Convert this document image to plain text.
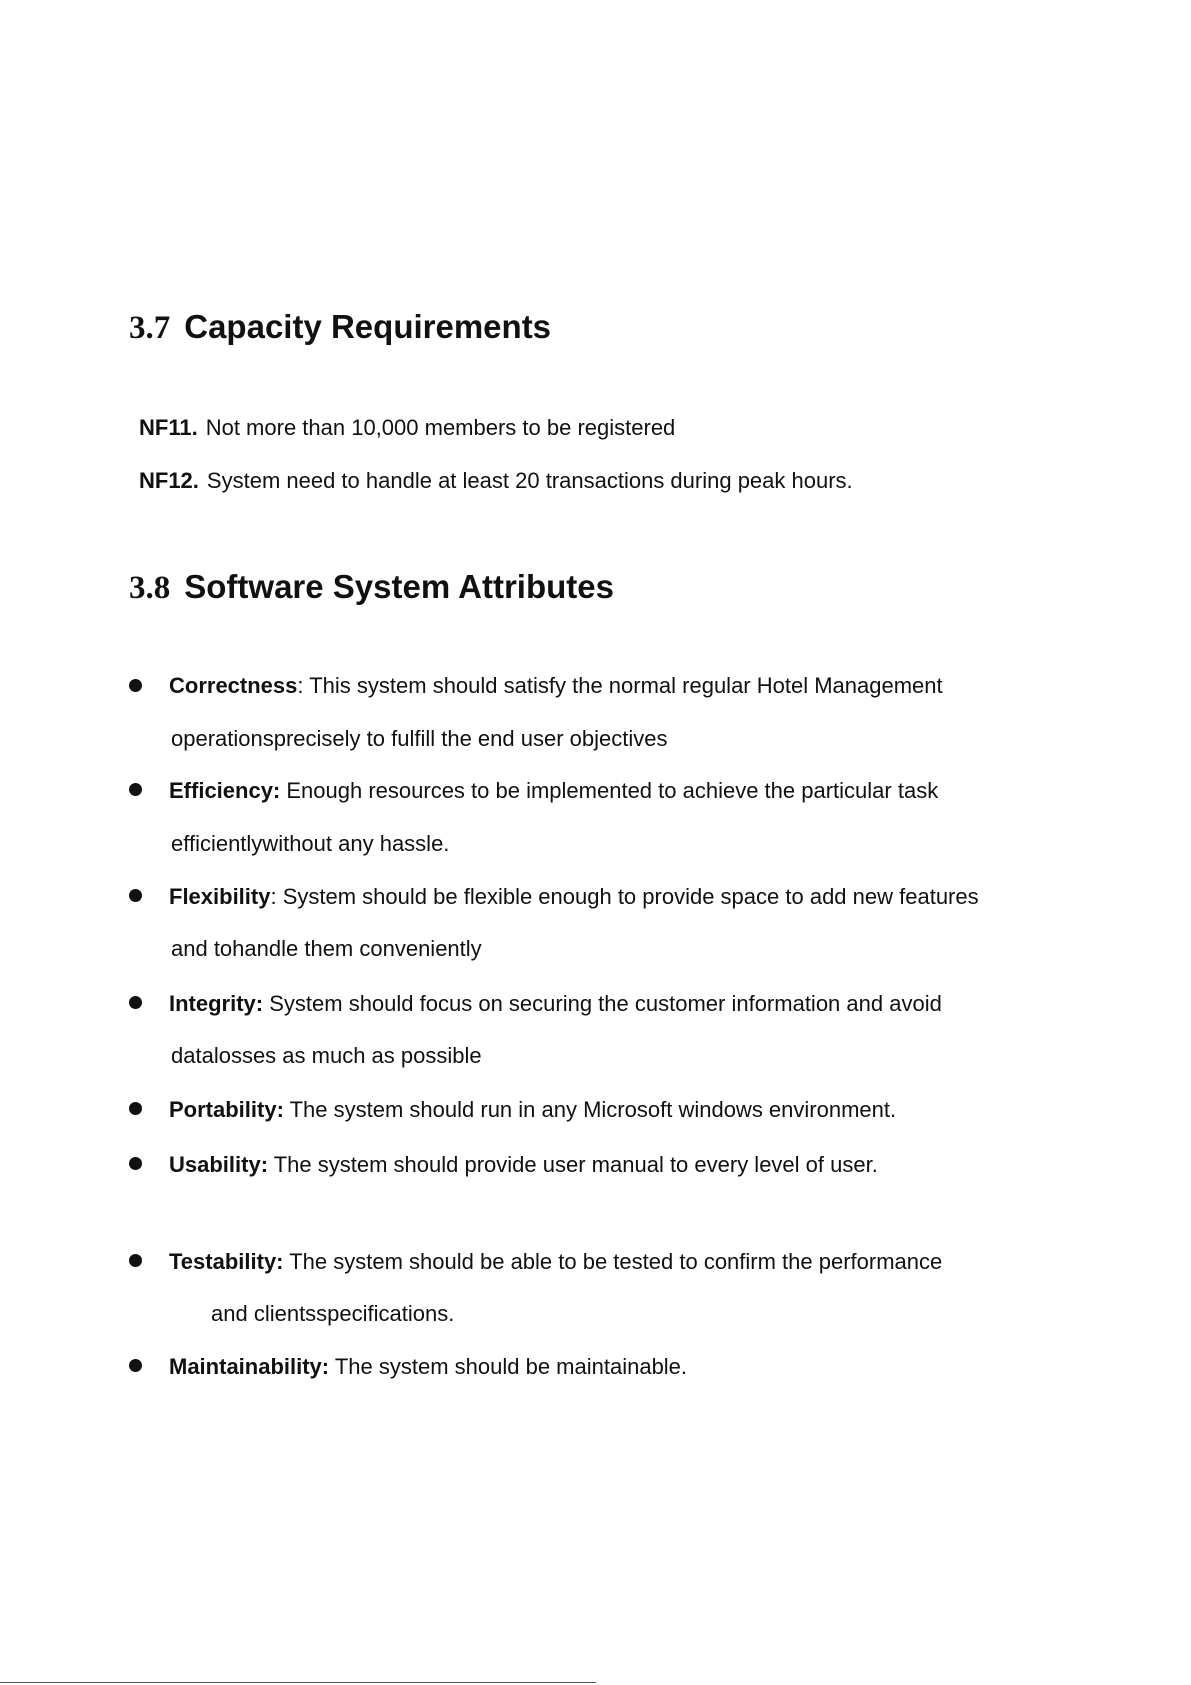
3.7 Capacity Requirements
NF11. Not more than 10,000 members to be registered
NF12. System need to handle at least 20 transactions during peak hours.
3.8 Software System Attributes
Correctness: This system should satisfy the normal regular Hotel Management
operationsprecisely to fulfill the end user objectives
Efficiency: Enough resources to be implemented to achieve the particular task
efficientlywithout any hassle.
Flexibility: System should be flexible enough to provide space to add new features
and tohandle them conveniently
Integrity: System should focus on securing the customer information and avoid
datalosses as much as possible
Portability: The system should run in any Microsoft windows environment.
Usability: The system should provide user manual to every level of user.
Testability: The system should be able to be tested to confirm the performance
and clientsspecifications.
Maintainability: The system should be maintainable.
